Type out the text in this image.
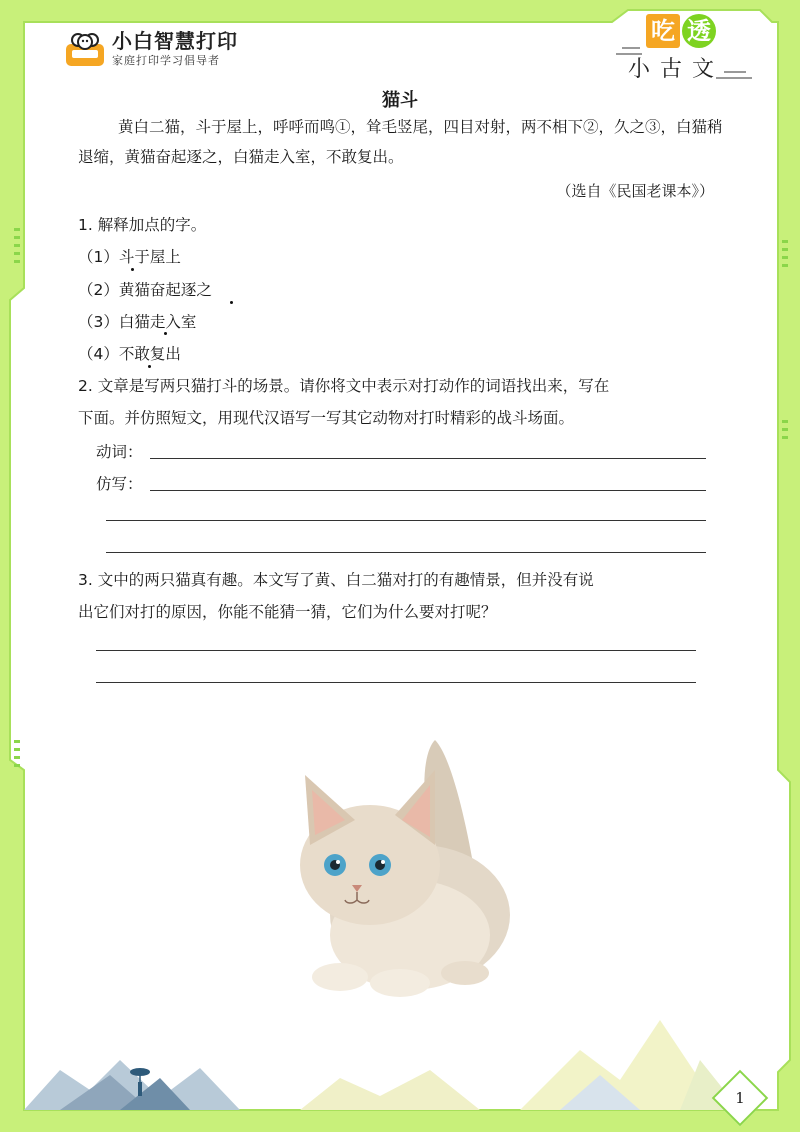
小白智慧打印
家庭打印学习倡导者
吃 透
小古文
猫斗
黄白二猫，斗于屋上，呼呼而鸣①，耸毛竖尾，四目对射，两不相下②，久之③，白猫稍退缩，黄猫奋起逐之，白猫走入室，不敢复出。
（选自《民国老课本》）
1. 解释加点的字。
（1）斗于屋上
（2）黄猫奋起逐之
（3）白猫走入室
（4）不敢复出
2. 文章是写两只猫打斗的场景。请你将文中表示对打动作的词语找出来，写在
下面。并仿照短文，用现代汉语写一写其它动物对打时精彩的战斗场面。
动词：
仿写：
3. 文中的两只猫真有趣。本文写了黄、白二猫对打的有趣情景，但并没有说
出它们对打的原因，你能不能猜一猜，它们为什么要对打呢？
1
